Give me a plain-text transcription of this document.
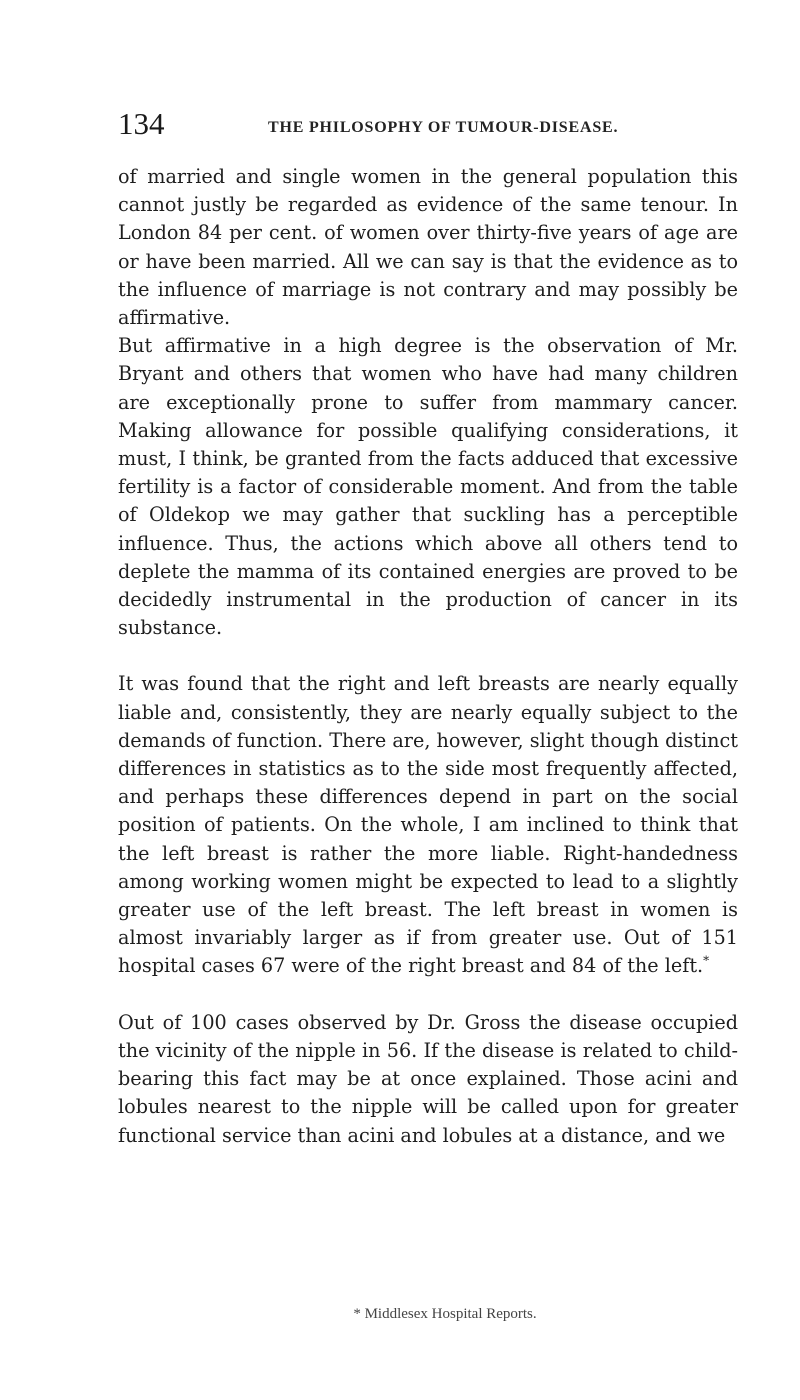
134	THE PHILOSOPHY OF TUMOUR-DISEASE.

of married and single women in the general population this cannot justly be regarded as evidence of the same tenour. In London 84 per cent. of women over thirty-five years of age are or have been married. All we can say is that the evidence as to the influence of marriage is not contrary and may possibly be affirmative.

But affirmative in a high degree is the observation of Mr. Bryant and others that women who have had many children are exceptionally prone to suffer from mammary cancer. Making allowance for possible qualifying considerations, it must, I think, be granted from the facts adduced that excessive fertility is a factor of considerable moment. And from the table of Oldekop we may gather that suckling has a perceptible influence. Thus, the actions which above all others tend to deplete the mamma of its contained energies are proved to be decidedly instrumental in the production of cancer in its substance.

It was found that the right and left breasts are nearly equally liable and, consistently, they are nearly equally subject to the demands of function. There are, however, slight though distinct differences in statistics as to the side most frequently affected, and perhaps these differences depend in part on the social position of patients. On the whole, I am inclined to think that the left breast is rather the more liable. Right-handedness among working women might be expected to lead to a slightly greater use of the left breast. The left breast in women is almost invariably larger as if from greater use. Out of 151 hospital cases 67 were of the right breast and 84 of the left.*

Out of 100 cases observed by Dr. Gross the disease occupied the vicinity of the nipple in 56. If the disease is related to child-bearing this fact may be at once explained. Those acini and lobules nearest to the nipple will be called upon for greater functional service than acini and lobules at a distance, and we

* Middlesex Hospital Reports.
